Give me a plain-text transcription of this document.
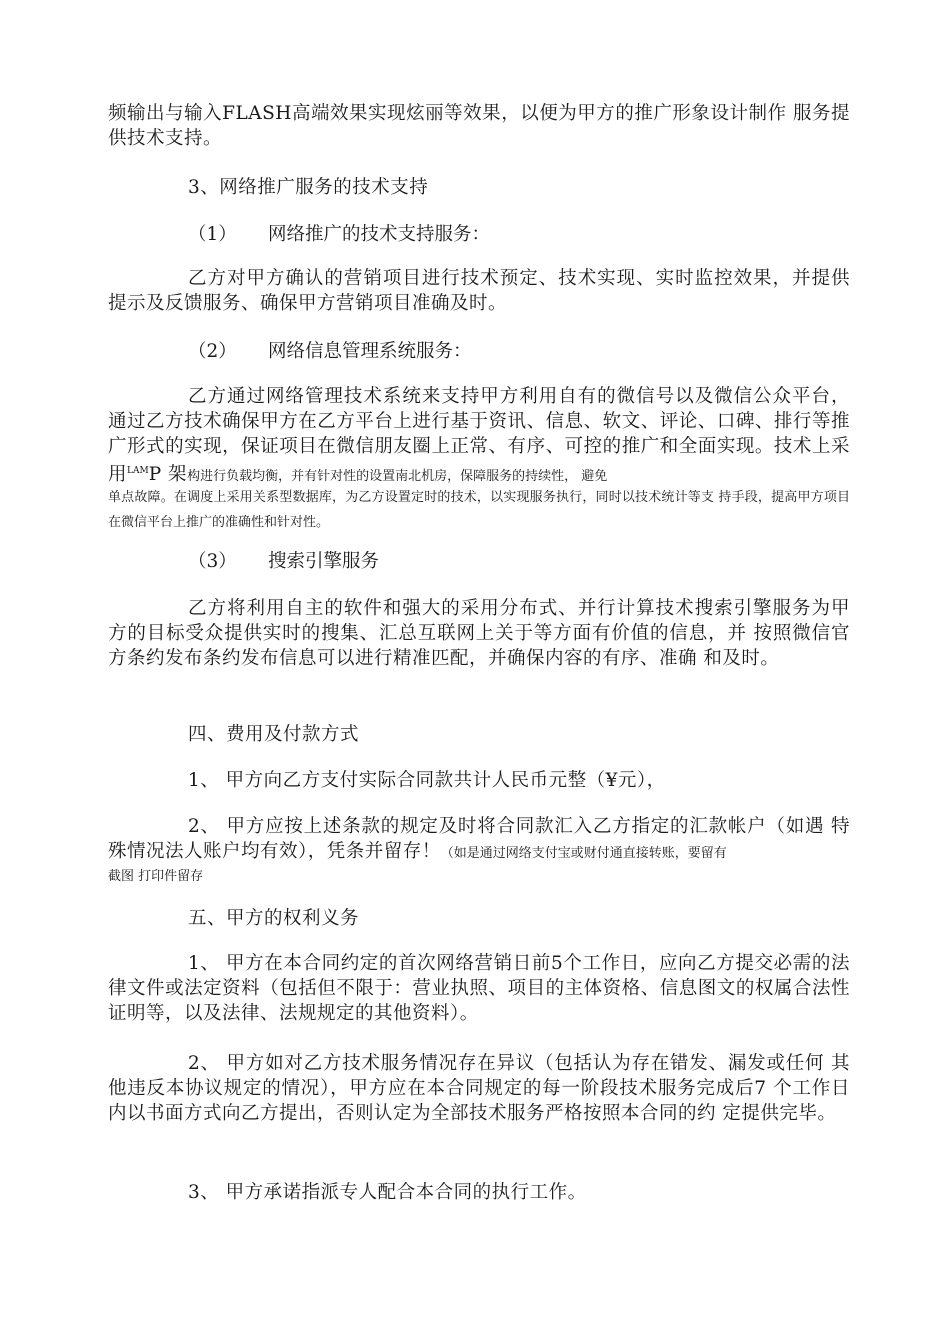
频输出与输入FLASH高端效果实现炫丽等效果，以便为甲方的推广形象设计制作 服务提供技术支持。

3、网络推广服务的技术支持

（1） 网络推广的技术支持服务：

乙方对甲方确认的营销项目进行技术预定、技术实现、实时监控效果，并提供提示及反馈服务、确保甲方营销项目准确及时。

（2） 网络信息管理系统服务：

乙方通过网络管理技术系统来支持甲方利用自有的微信号以及微信公众平台，通过乙方技术确保甲方在乙方平台上进行基于资讯、信息、软文、评论、口碑、排行等推广形式的实现，保证项目在微信朋友圈上正常、有序、可控的推广和全面实现。技术上采用$^{LAM}$P 架构进行负载均衡，并有针对性的设置南北机房，保障服务的持续性， 避免

单点故障。在调度上采用关系型数据库，为乙方设置定时的技术，以实现服务执行，同时以技术统计等支 持手段，提高甲方项目在微信平台上推广的准确性和针对性。

（3） 搜索引擎服务

乙方将利用自主的软件和强大的采用分布式、并行计算技术搜索引擎服务为甲方的目标受众提供实时的搜集、汇总互联网上关于等方面有价值的信息，并 按照微信官方条约发布条约发布信息可以进行精准匹配，并确保内容的有序、准确 和及时。

四、费用及付款方式

1、 甲方向乙方支付实际合同款共计人民币元整（¥元），

2、 甲方应按上述条款的规定及时将合同款汇入乙方指定的汇款帐户（如遇 特殊情况法人账户均有效），凭条并留存！（如是通过网络支付宝或财付通直接转账，要留有

截图 打印件留存

五、甲方的权利义务

1、 甲方在本合同约定的首次网络营销日前5个工作日，应向乙方提交必需的法律文件或法定资料（包括但不限于：营业执照、项目的主体资格、信息图文的权属合法性证明等，以及法律、法规规定的其他资料）。

2、 甲方如对乙方技术服务情况存在异议（包括认为存在错发、漏发或任何 其他违反本协议规定的情况），甲方应在本合同规定的每一阶段技术服务完成后7 个工作日内以书面方式向乙方提出，否则认定为全部技术服务严格按照本合同的约 定提供完毕。

3、 甲方承诺指派专人配合本合同的执行工作。
